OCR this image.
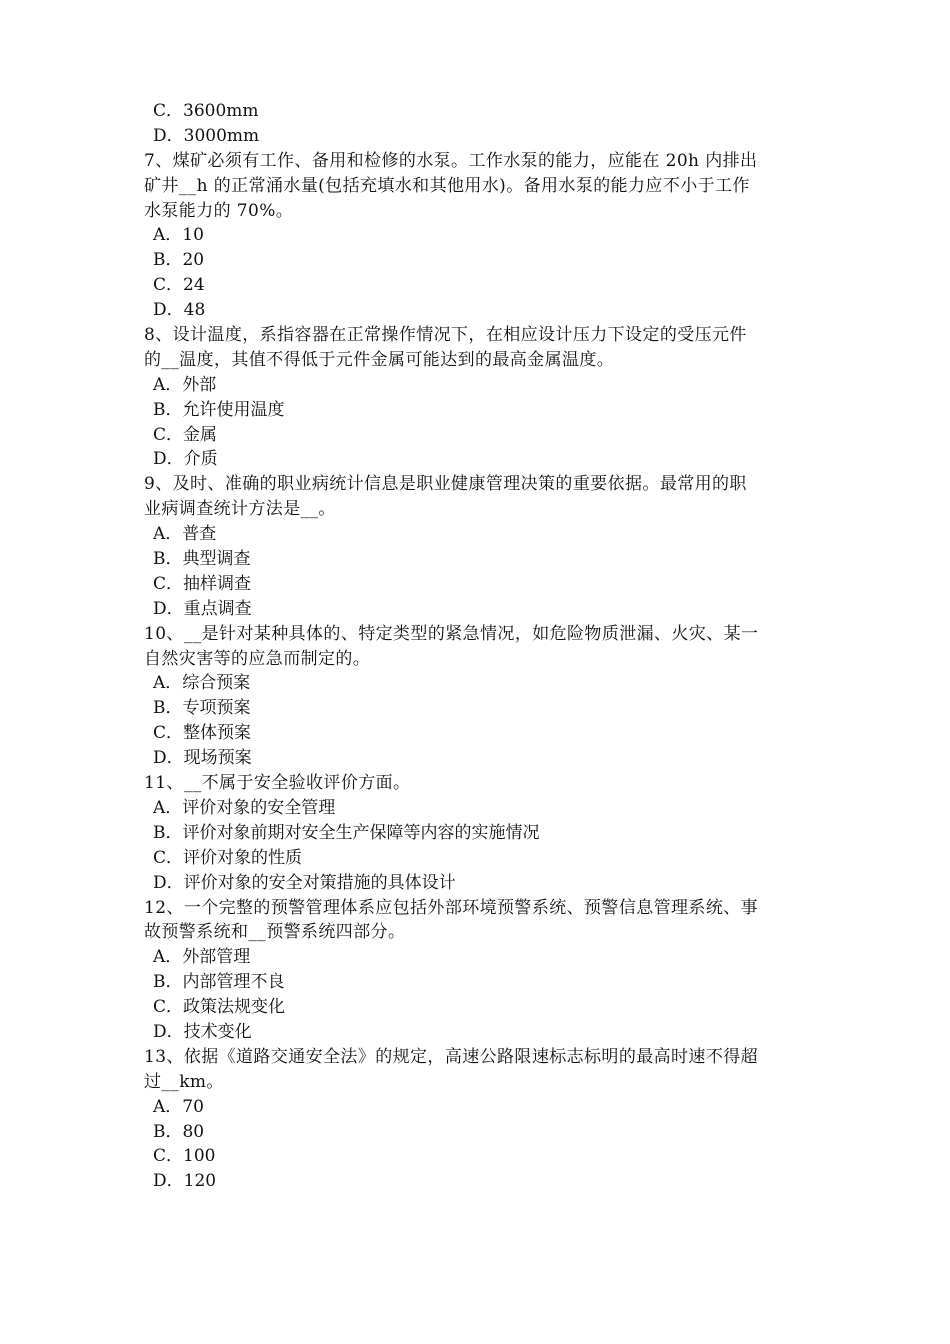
C．3600mm
D．3000mm
7、煤矿必须有工作、备用和检修的水泵。工作水泵的能力，应能在 20h 内排出
矿井__h 的正常涌水量(包括充填水和其他用水)。备用水泵的能力应不小于工作
水泵能力的 70%。
A．10
B．20
C．24
D．48
8、设计温度，系指容器在正常操作情况下，在相应设计压力下设定的受压元件
的__温度，其值不得低于元件金属可能达到的最高金属温度。
A．外部
B．允许使用温度
C．金属
D．介质
9、及时、准确的职业病统计信息是职业健康管理决策的重要依据。最常用的职
业病调查统计方法是__。
A．普查
B．典型调查
C．抽样调查
D．重点调查
10、__是针对某种具体的、特定类型的紧急情况，如危险物质泄漏、火灾、某一
自然灾害等的应急而制定的。
A．综合预案
B．专项预案
C．整体预案
D．现场预案
11、__不属于安全验收评价方面。
A．评价对象的安全管理
B．评价对象前期对安全生产保障等内容的实施情况
C．评价对象的性质
D．评价对象的安全对策措施的具体设计
12、一个完整的预警管理体系应包括外部环境预警系统、预警信息管理系统、事
故预警系统和__预警系统四部分。
A．外部管理
B．内部管理不良
C．政策法规变化
D．技术变化
13、依据《道路交通安全法》的规定，高速公路限速标志标明的最高时速不得超
过__km。
A．70
B．80
C．100
D．120
